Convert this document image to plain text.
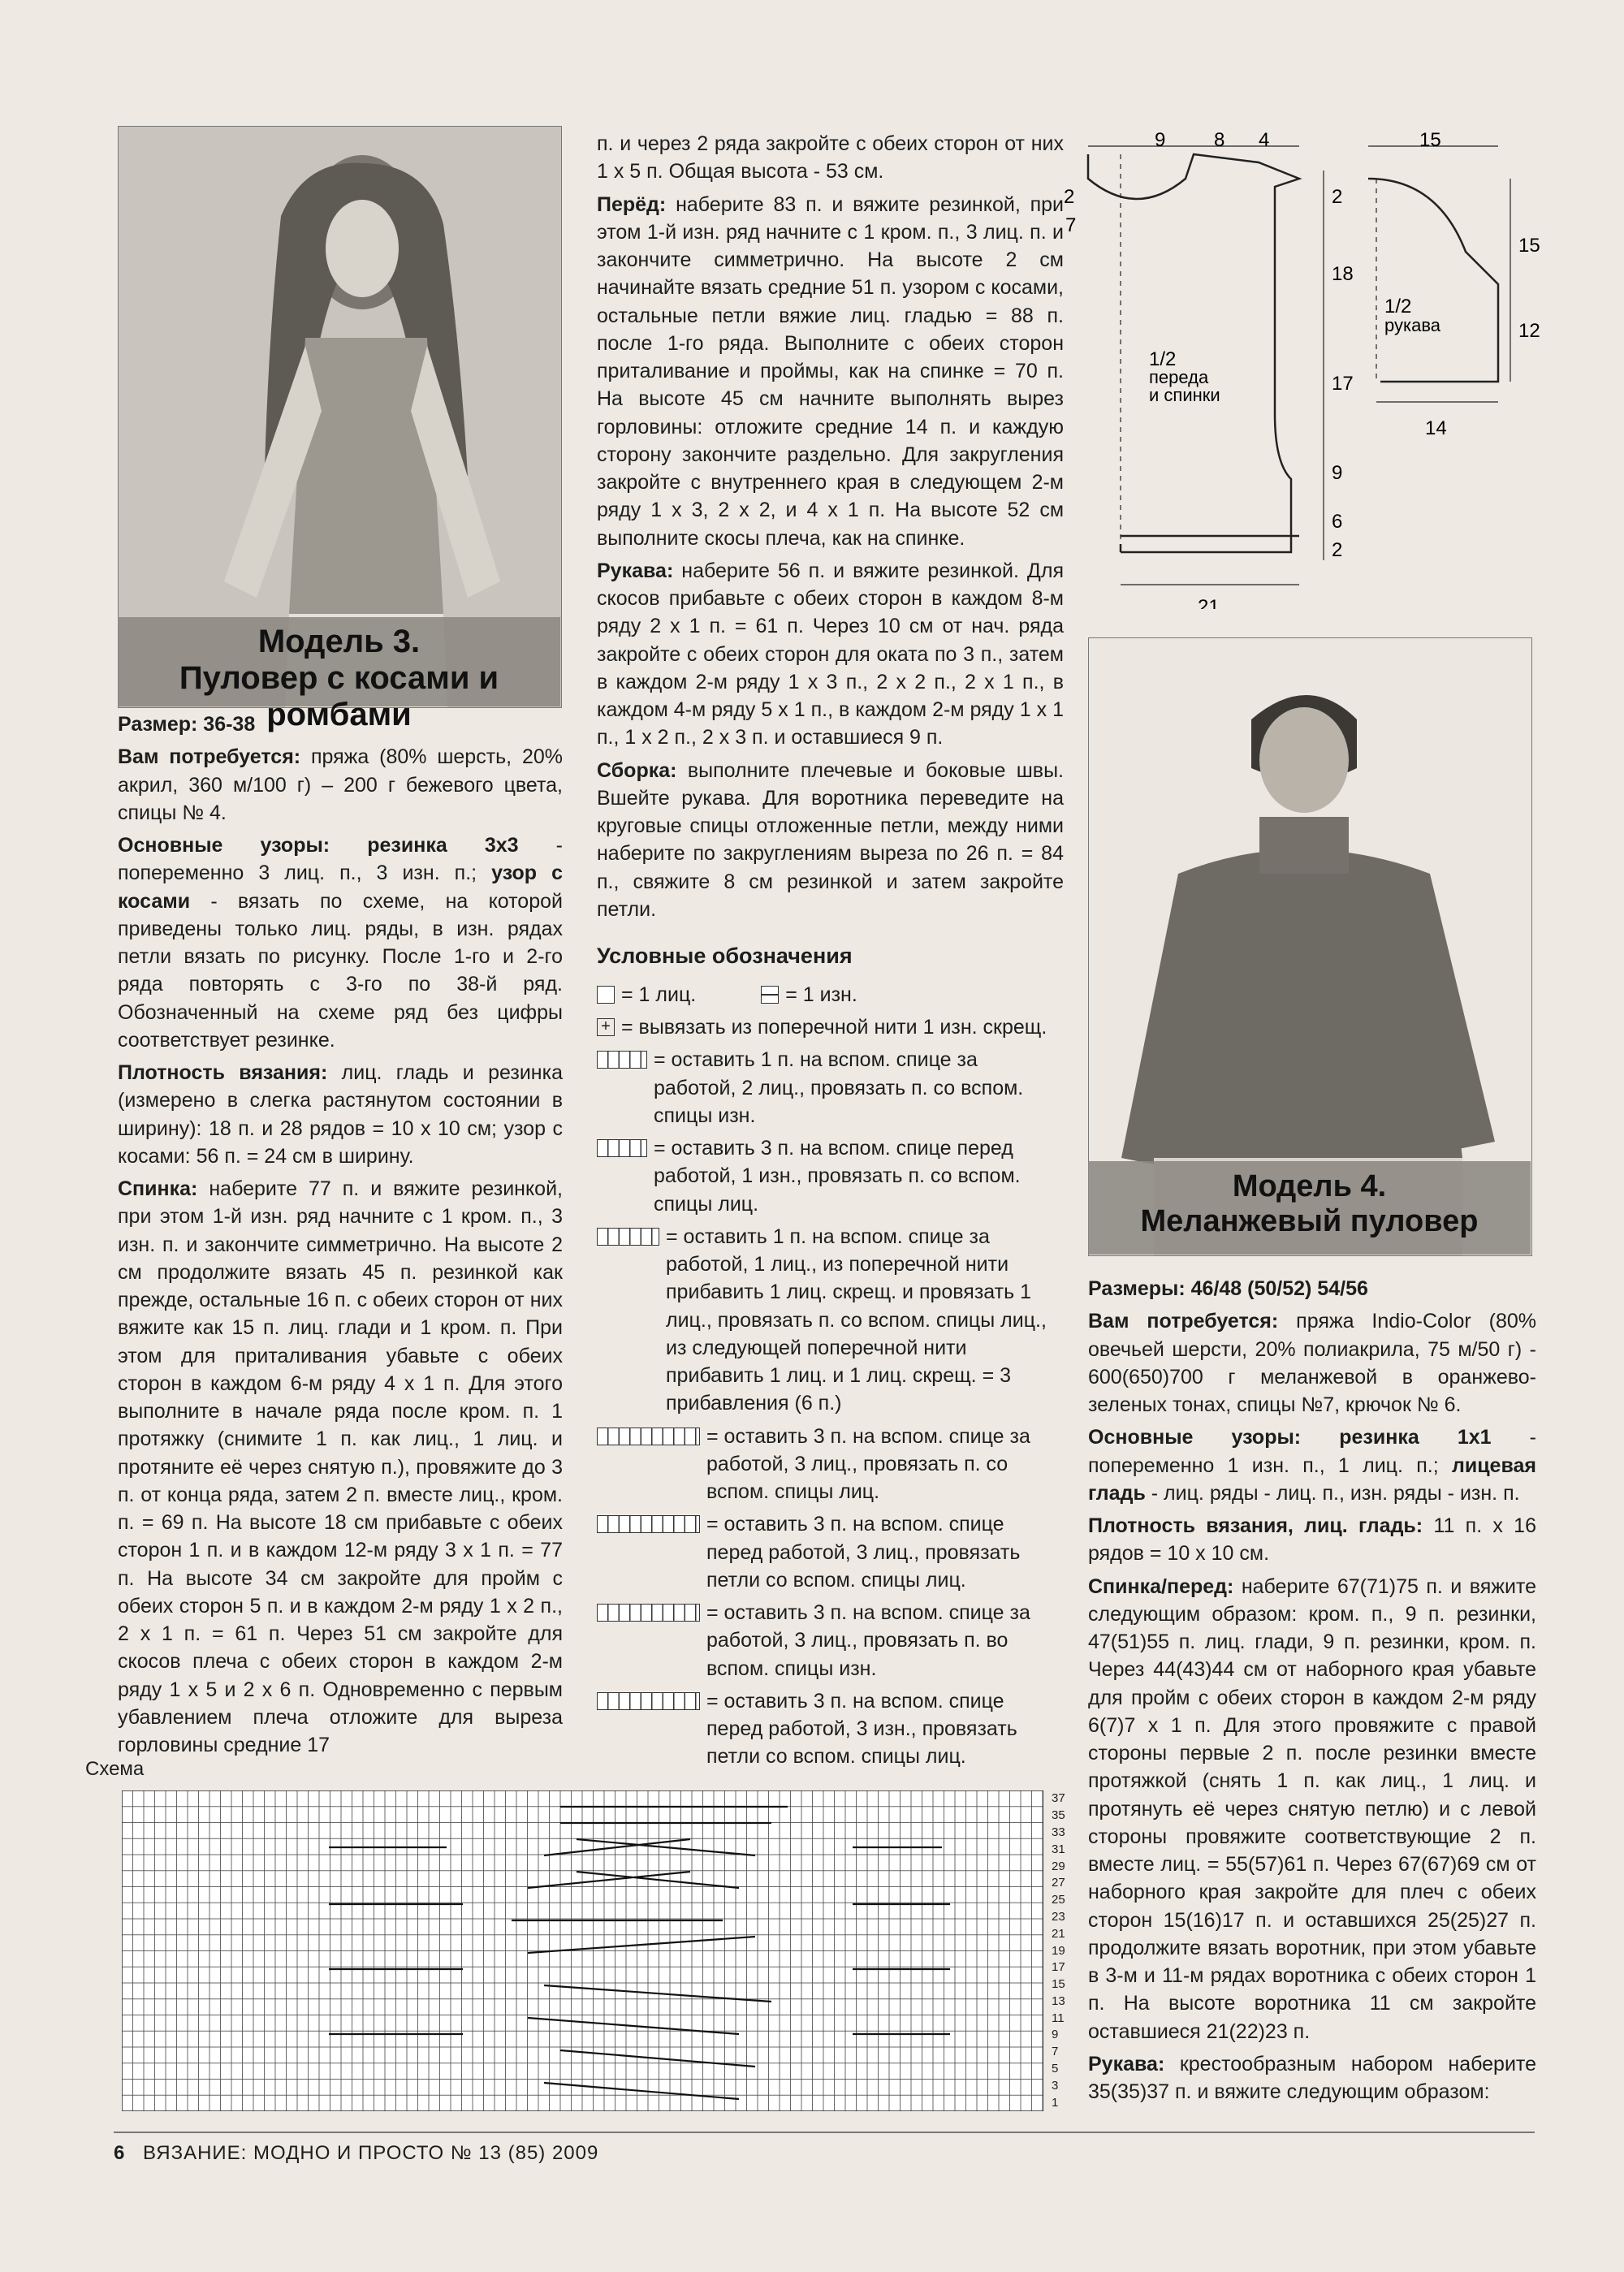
Модель 3.
Пуловер с косами и ромбами

Размер: 36-38

Вам потребуется: пряжа (80% шерсть, 20% акрил, 360 м/100 г) – 200 г бежевого цвета, спицы № 4.

Основные узоры: резинка 3х3 - попеременно 3 лиц. п., 3 изн. п.; узор с косами - вязать по схеме, на которой приведены только лиц. ряды, в изн. рядах петли вязать по рисунку. После 1-го и 2-го ряда повторять с 3-го по 38-й ряд. Обозначенный на схеме ряд без цифры соответствует резинке.

Плотность вязания: лиц. гладь и резинка (измерено в слегка растянутом состоянии в ширину): 18 п. и 28 рядов = 10 х 10 см; узор с косами: 56 п. = 24 см в ширину.

Спинка: наберите 77 п. и вяжите резинкой, при этом 1-й изн. ряд начните с 1 кром. п., 3 изн. п. и закончите симметрично. На высоте 2 см продолжите вязать 45 п. резинкой как прежде, остальные 16 п. с обеих сторон от них вяжите как 15 п. лиц. глади и 1 кром. п. При этом для приталивания убавьте с обеих сторон в каждом 6-м ряду 4 х 1 п. Для этого выполните в начале ряда после кром. п. 1 протяжку (снимите 1 п. как лиц., 1 лиц. и протяните её через снятую п.), провяжите до 3 п. от конца ряда, затем 2 п. вместе лиц., кром. п. = 69 п. На высоте 18 см прибавьте с обеих сторон 1 п. и в каждом 12-м ряду 3 х 1 п. = 77 п. На высоте 34 см закройте для пройм с обеих сторон 5 п. и в каждом 2-м ряду 1 х 2 п., 2 х 1 п. = 61 п. Через 51 см закройте для скосов плеча с обеих сторон в каждом 2-м ряду 1 х 5 и 2 х 6 п. Одновременно с первым убавлением плеча отложите для выреза горловины средние 17

п. и через 2 ряда закройте с обеих сторон от них 1 х 5 п. Общая высота - 53 см.

Перёд: наберите 83 п. и вяжите резинкой, при этом 1-й изн. ряд начните с 1 кром. п., 3 лиц. п. и закончите симметрично. На высоте 2 см начинайте вязать средние 51 п. узором с косами, остальные петли вяжие лиц. гладью = 88 п. после 1-го ряда. Выполните с обеих сторон приталивание и проймы, как на спинке = 70 п. На высоте 45 см начните выполнять вырез горловины: отложите средние 14 п. и каждую сторону закончите раздельно. Для закругления закройте с внутреннего края в следующем 2-м ряду 1 х 3, 2 х 2, и 4 х 1 п. На высоте 52 см выполните скосы плеча, как на спинке.

Рукава: наберите 56 п. и вяжите резинкой. Для скосов прибавьте с обеих сторон в каждом 8-м ряду 2 х 1 п. = 61 п. Через 10 см от нач. ряда закройте с обеих сторон для оката по 3 п., затем в каждом 2-м ряду 1 х 3 п., 2 х 2 п., 2 х 1 п., в каждом 4-м ряду 5 х 1 п., в каждом 2-м ряду 1 х 1 п., 1 х 2 п., 2 х 3 п. и оставшиеся 9 п.

Сборка: выполните плечевые и боковые швы. Вшейте рукава. Для воротника переведите на круговые спицы отложенные петли, между ними наберите по закруглениям выреза по 26 п. = 84 п., свяжите 8 см резинкой и затем закройте петли.

Условные обозначения
= 1 лиц.	= 1 изн.
+ = вывязать из поперечной нити 1 изн. скрещ.
= оставить 1 п. на вспом. спице за работой, 2 лиц., провязать п. со вспом. спицы изн.
= оставить 3 п. на вспом. спице перед работой, 1 изн., провязать п. со вспом. спицы лиц.
= оставить 1 п. на вспом. спице за работой, 1 лиц., из поперечной нити прибавить 1 лиц. скрещ. и провязать 1 лиц., провязать п. со вспом. спицы лиц., из следующей поперечной нити прибавить 1 лиц. и 1 лиц. скрещ. = 3 прибавления (6 п.)
= оставить 3 п. на вспом. спице за работой, 3 лиц., провязать п. со вспом. спицы лиц.
= оставить 3 п. на вспом. спице перед работой, 3 лиц., провязать петли со вспом. спицы лиц.
= оставить 3 п. на вспом. спице за работой, 3 лиц., провязать п. во вспом. спицы изн.
= оставить 3 п. на вспом. спице перед работой, 3 изн., провязать петли со вспом. спицы лиц.
Схема
37
35
33
31
29
27
25
23
21
19
17
15
13
11
9
7
5
3
1
9 8 4	15
2
7
2
18
17
9
6
2
15
12
21
14
1/2
переда
и спинки
1/2
рукава
Модель 4.
Меланжевый пуловер

Размеры: 46/48 (50/52) 54/56

Вам потребуется: пряжа Indio-Color (80% овечьей шерсти, 20% полиакрила, 75 м/50 г) - 600(650)700 г меланжевой в оранжево-зеленых тонах, спицы №7, крючок № 6.

Основные узоры: резинка 1х1 - попеременно 1 изн. п., 1 лиц. п.; лицевая гладь - лиц. ряды - лиц. п., изн. ряды - изн. п.

Плотность вязания, лиц. гладь: 11 п. х 16 рядов = 10 х 10 см.

Спинка/перед: наберите 67(71)75 п. и вяжите следующим образом: кром. п., 9 п. резинки, 47(51)55 п. лиц. глади, 9 п. резинки, кром. п. Через 44(43)44 см от наборного края убавьте для пройм с обеих сторон в каждом 2-м ряду 6(7)7 х 1 п. Для этого провяжите с правой стороны первые 2 п. после резинки вместе протяжкой (снять 1 п. как лиц., 1 лиц. и протянуть её через снятую петлю) и с левой стороны провяжите соответствующие 2 п. вместе лиц. = 55(57)61 п. Через 67(67)69 см от наборного края закройте для плеч с обеих сторон 15(16)17 п. и оставшихся 25(25)27 п. продолжите вязать воротник, при этом убавьте в 3-м и 11-м рядах воротника с обеих сторон 1 п. На высоте воротника 11 см закройте оставшиеся 21(22)23 п.

Рукава: крестообразным набором наберите 35(35)37 п. и вяжите следующим образом:

6 ВЯЗАНИЕ: МОДНО И ПРОСТО № 13 (85) 2009
